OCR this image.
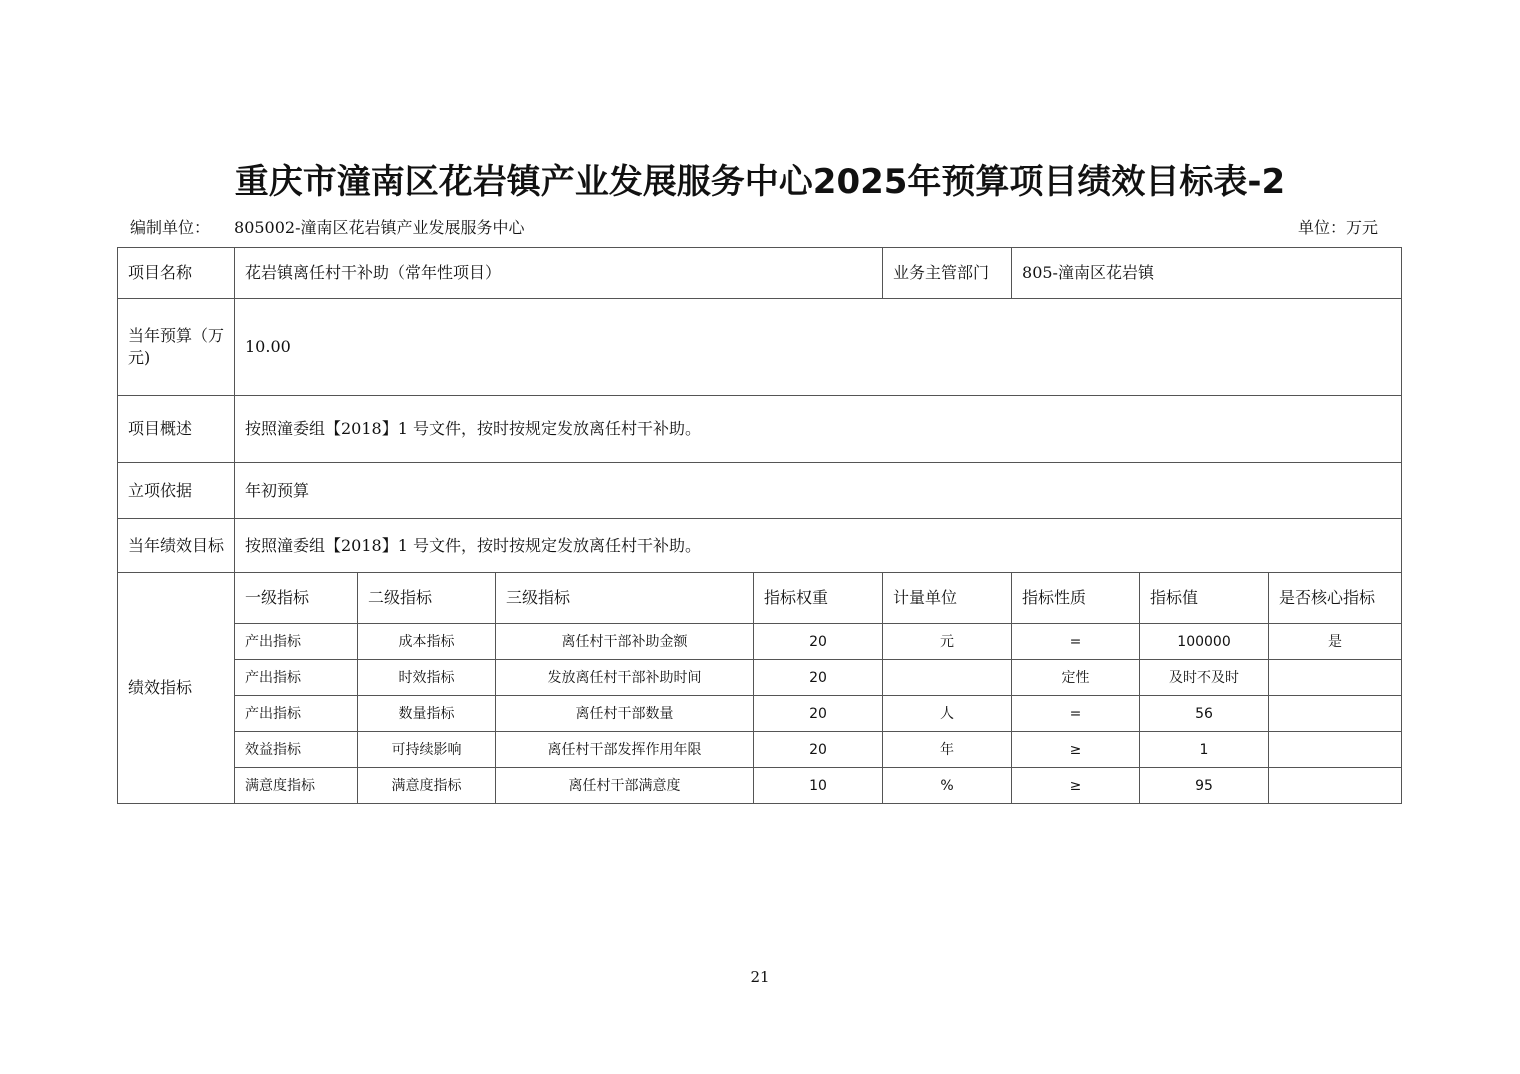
重庆市潼南区花岩镇产业发展服务中心2025年预算项目绩效目标表-2
编制单位： 805002-潼南区花岩镇产业发展服务中心	单位：万元
项目名称	花岩镇离任村干补助（常年性项目）				业务主管部门	805-潼南区花岩镇		
当年预算（万元)	10.00							
项目概述	按照潼委组【2018】1 号文件，按时按规定发放离任村干补助。							
立项依据	年初预算							
当年绩效目标	按照潼委组【2018】1 号文件，按时按规定发放离任村干补助。							
绩效指标	一级指标	二级指标	三级指标	指标权重	计量单位	指标性质	指标值	是否核心指标
	产出指标	成本指标	离任村干部补助金额	20	元	=	100000	是
	产出指标	时效指标	发放离任村干部补助时间	20		定性	及时不及时	
	产出指标	数量指标	离任村干部数量	20	人	=	56	
	效益指标	可持续影响	离任村干部发挥作用年限	20	年	≥	1	
	满意度指标	满意度指标	离任村干部满意度	10	%	≥	95	
21
